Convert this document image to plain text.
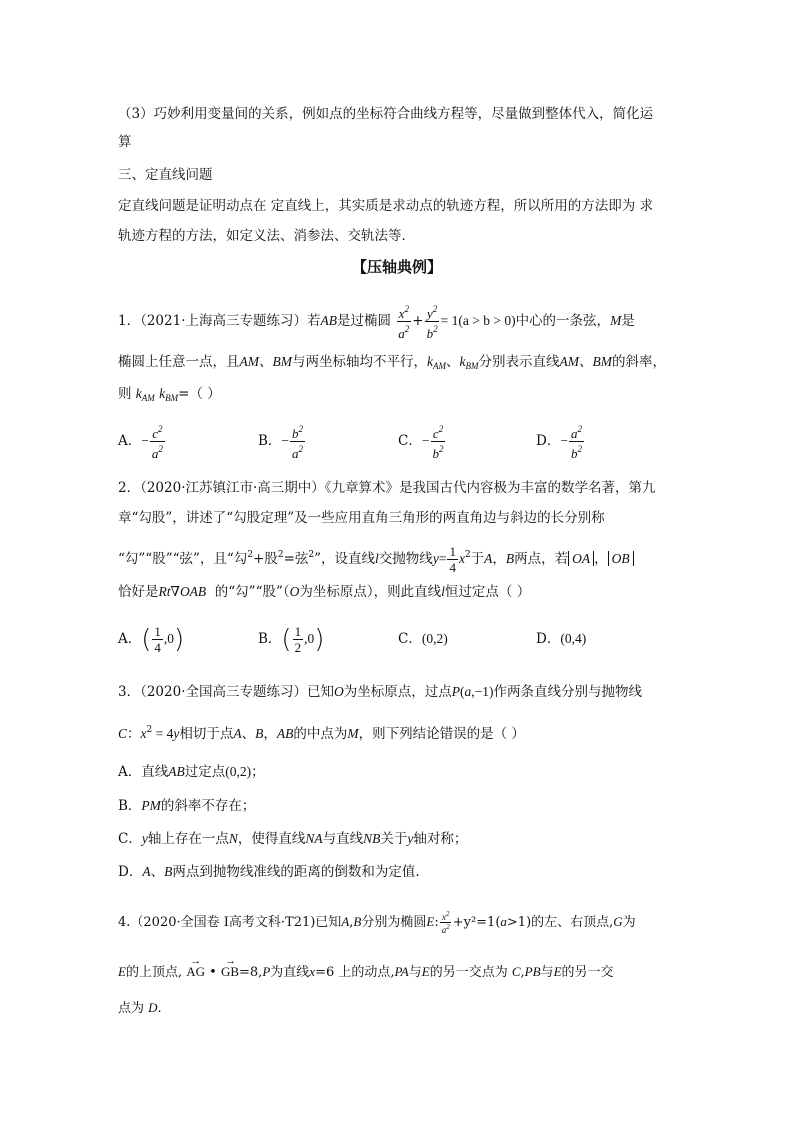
（3）巧妙利用变量间的关系，例如点的坐标符合曲线方程等，尽量做到整体代入，简化运
算
三、定直线问题
定直线问题是证明动点在 定直线上，其实质是求动点的轨迹方程，所以所用的方法即为 求
轨迹方程的方法，如定义法、消参法、交轨法等．
【压轴典例】
1．（2021·上海高三专题练习）若AB是过椭圆 $\frac{x^2}{a^2} + \frac{y^2}{b^2} = 1(a > b > 0)$中心的一条弦，M是
椭圆上任意一点，且AM、BM与两坐标轴均不平行，$k_{AM}$、$k_{BM}$分别表示直线AM、BM的斜率，
则 $k_{AM}$ $k_{BM}=$（ ）
A．− $\frac{c^2}{a^2}$	B．− $\frac{b^2}{a^2}$	C．− $\frac{c^2}{b^2}$	D．− $\frac{a^2}{b^2}$
2．（2020·江苏镇江市·高三期中）《九章算术》是我国古代内容极为丰富的数学名著，第九
章“勾股”，讲述了“勾股定理”及一些应用直角三角形的两直角边与斜边的长分别称
“勾”“股”“弦”，且“勾$^2$+股$^2$=弦$^2$”，设直线l交抛物线$y= \frac{1}{4} x^2$于A，B两点，若 OA ， OB
恰好是Rt∇OAB 的“勾”“股”（O为坐标原点），则此直线l恒过定点（ ）
A．( $\frac{1}{4} ,0$)	B．( $\frac{1}{2} ,0$)	C．(0,2)	D．(0,4)
3．（2020·全国高三专题练习）已知O为坐标原点，过点P(a,−1)作两条直线分别与抛物线
C：$x^2 = 4y$相切于点A、B，AB的中点为M，则下列结论错误的是（ ）
A．直线AB过定点(0,2)；
B．PM的斜率不存在；
C．y轴上存在一点N，使得直线NA与直线NB关于y轴对称；
D．A、B两点到抛物线准线的距离的倒数和为定值.
4.（2020·全国卷 Ⅰ高考文科·T21)已知A,B分别为椭圆E: $\frac{x^2}{a^2} +y^2=1(a>1)$的左、右顶点,G为
E的上顶点, → AG • → GB=8,P为直线x=6 上的动点,PA与E的另一交点为 C,PB与E的另一交
点为 D.
